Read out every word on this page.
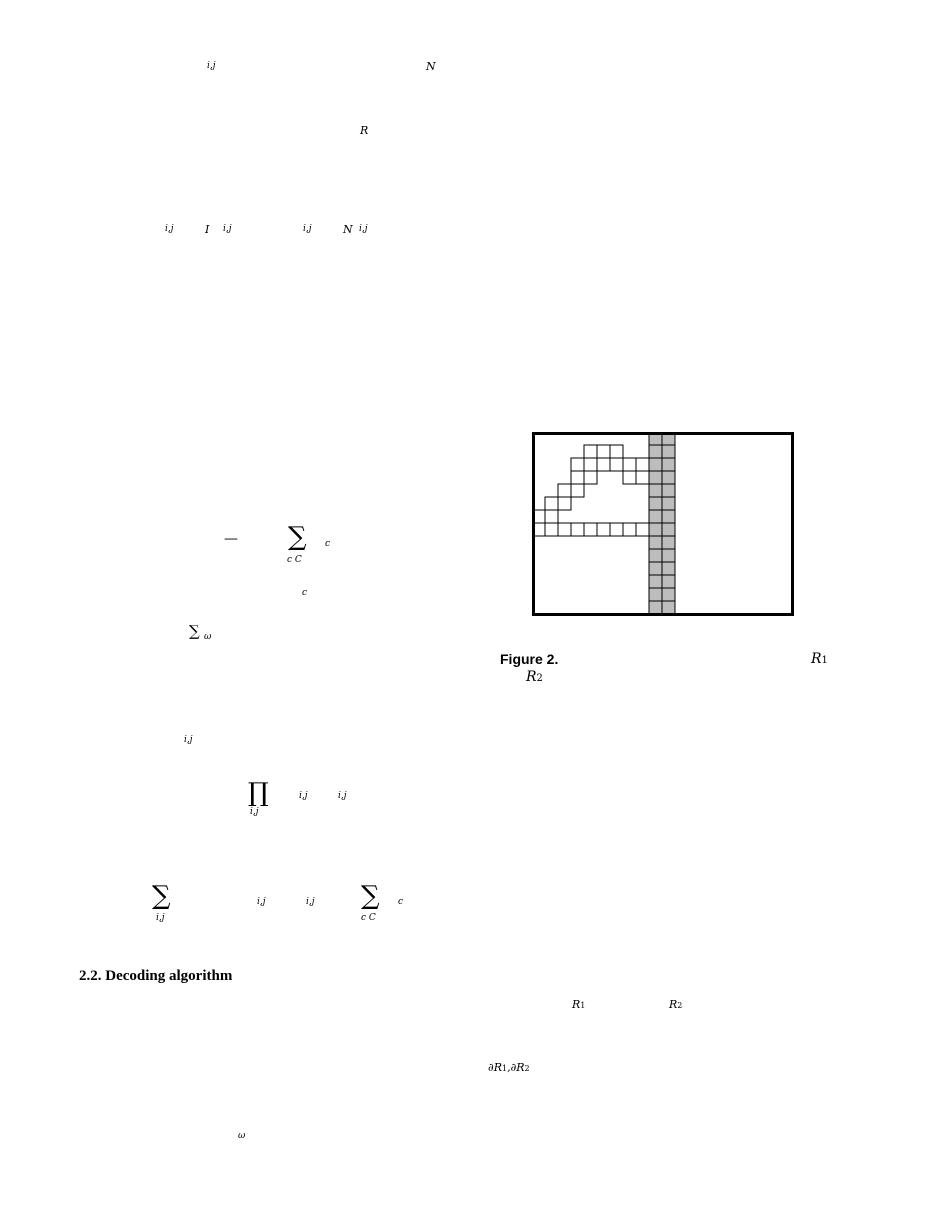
i,j	N
R
i,j	I i,j	i,j	N i,j
— ∑
c C
c
c
∑ ω
i,j
∏
i,j
i,j	i,j
∑
i,j
i,j	i,j ∑
c C
c
2.2. Decoding algorithm
ω
Figure 2.	R1
R2
R1	R2
∂R1,∂R2
